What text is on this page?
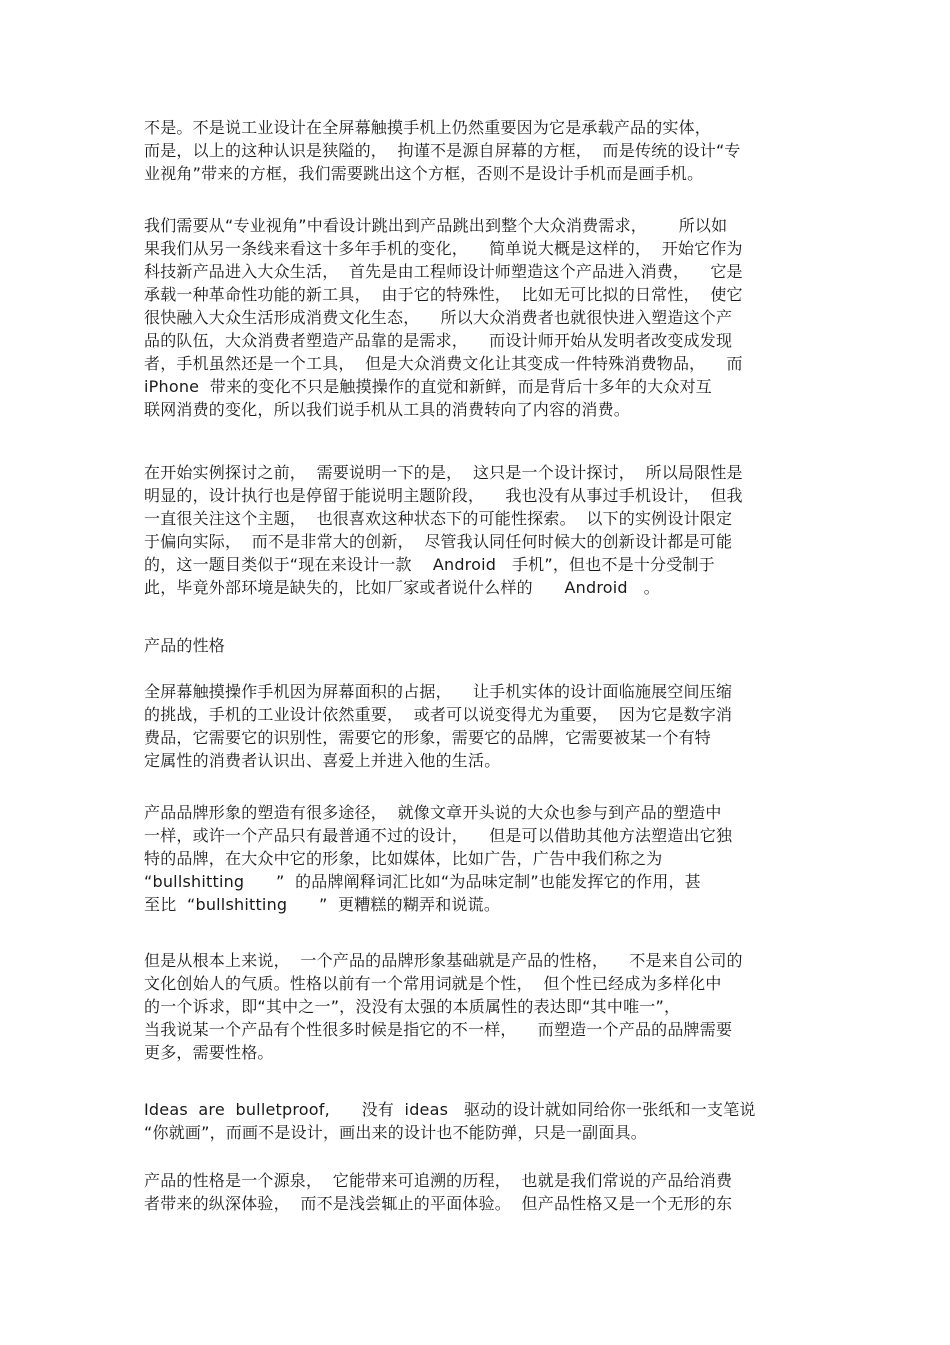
不是。不是说工业设计在全屏幕触摸手机上仍然重要因为它是承载产品的实体，
而是，以上的这种认识是狭隘的，  拘谨不是源自屏幕的方框，  而是传统的设计“专
业视角”带来的方框，我们需要跳出这个方框，否则不是设计手机而是画手机。
我们需要从“专业视角”中看设计跳出到产品跳出到整个大众消费需求，      所以如
果我们从另一条线来看这十多年手机的变化，    简单说大概是这样的，  开始它作为
科技新产品进入大众生活，  首先是由工程师设计师塑造这个产品进入消费，    它是
承载一种革命性功能的新工具，  由于它的特殊性，  比如无可比拟的日常性，  使它
很快融入大众生活形成消费文化生态，    所以大众消费者也就很快进入塑造这个产
品的队伍，大众消费者塑造产品靠的是需求，    而设计师开始从发明者改变成发现
者，手机虽然还是一个工具，  但是大众消费文化让其变成一件特殊消费物品，    而
iPhone  带来的变化不只是触摸操作的直觉和新鲜，而是背后十多年的大众对互
联网消费的变化，所以我们说手机从工具的消费转向了内容的消费。
在开始实例探讨之前，  需要说明一下的是，  这只是一个设计探讨，  所以局限性是
明显的，设计执行也是停留于能说明主题阶段，    我也没有从事过手机设计，  但我
一直很关注这个主题，  也很喜欢这种状态下的可能性探索。  以下的实例设计限定
于偏向实际，  而不是非常大的创新，  尽管我认同任何时候大的创新设计都是可能
的，这一题目类似于“现在来设计一款    Android   手机”，但也不是十分受制于
此，毕竟外部环境是缺失的，比如厂家或者说什么样的      Android   。
产品的性格
全屏幕触摸操作手机因为屏幕面积的占据，    让手机实体的设计面临施展空间压缩
的挑战，手机的工业设计依然重要，  或者可以说变得尤为重要，  因为它是数字消
费品，它需要它的识别性，需要它的形象，需要它的品牌，它需要被某一个有特
定属性的消费者认识出、喜爱上并进入他的生活。
产品品牌形象的塑造有很多途径，  就像文章开头说的大众也参与到产品的塑造中
一样，或许一个产品只有最普通不过的设计，    但是可以借助其他方法塑造出它独
特的品牌，在大众中它的形象，比如媒体，比如广告，广告中我们称之为
“bullshitting      ”  的品牌阐释词汇比如“为品味定制”也能发挥它的作用，甚
至比  “bullshitting      ”  更糟糕的糊弄和说谎。
但是从根本上来说，  一个产品的品牌形象基础就是产品的性格，    不是来自公司的
文化创始人的气质。性格以前有一个常用词就是个性，  但个性已经成为多样化中
的一个诉求，即“其中之一”，没没有太强的本质属性的表达即“其中唯一”，
当我说某一个产品有个性很多时候是指它的不一样，    而塑造一个产品的品牌需要
更多，需要性格。
Ideas  are  bulletproof,      没有  ideas   驱动的设计就如同给你一张纸和一支笔说
“你就画”，而画不是设计，画出来的设计也不能防弹，只是一副面具。
产品的性格是一个源泉，  它能带来可追溯的历程，  也就是我们常说的产品给消费
者带来的纵深体验，  而不是浅尝辄止的平面体验。  但产品性格又是一个无形的东
